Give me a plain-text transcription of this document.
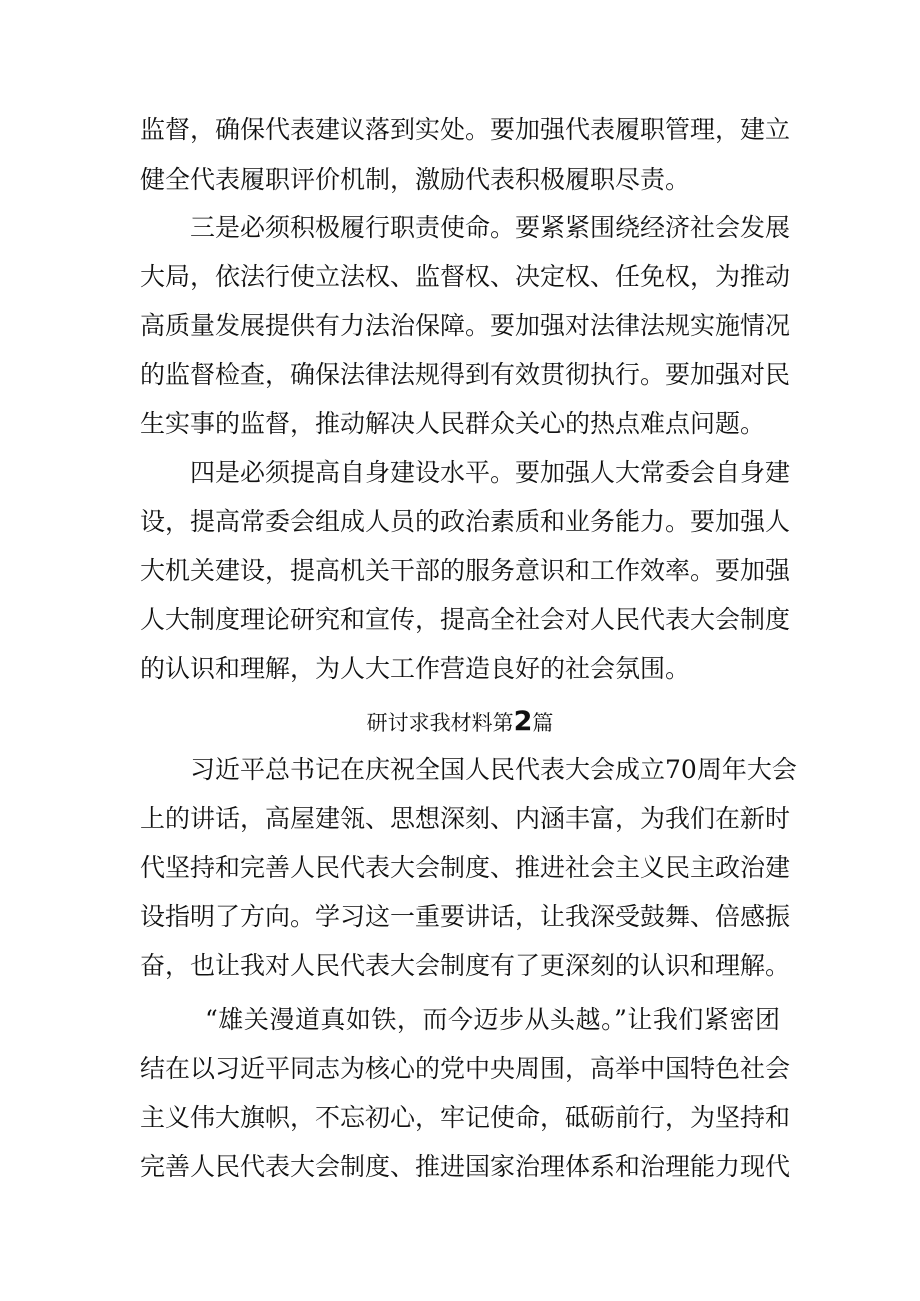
监督，确保代表建议落到实处。要加强代表履职管理，建立
健全代表履职评价机制，激励代表积极履职尽责。
三是必须积极履行职责使命。要紧紧围绕经济社会发展
大局，依法行使立法权、监督权、决定权、任免权，为推动
高质量发展提供有力法治保障。要加强对法律法规实施情况
的监督检查，确保法律法规得到有效贯彻执行。要加强对民
生实事的监督，推动解决人民群众关心的热点难点问题。
四是必须提高自身建设水平。要加强人大常委会自身建
设，提高常委会组成人员的政治素质和业务能力。要加强人
大机关建设，提高机关干部的服务意识和工作效率。要加强
人大制度理论研究和宣传，提高全社会对人民代表大会制度
的认识和理解，为人大工作营造良好的社会氛围。
研讨求我材料第2篇
习近平总书记在庆祝全国人民代表大会成立70周年大会
上的讲话，高屋建瓴、思想深刻、内涵丰富，为我们在新时
代坚持和完善人民代表大会制度、推进社会主义民主政治建
设指明了方向。学习这一重要讲话，让我深受鼓舞、倍感振
奋，也让我对人民代表大会制度有了更深刻的认识和理解。
“雄关漫道真如铁，而今迈步从头越。”让我们紧密团
结在以习近平同志为核心的党中央周围，高举中国特色社会
主义伟大旗帜，不忘初心，牢记使命，砥砺前行，为坚持和
完善人民代表大会制度、推进国家治理体系和治理能力现代
